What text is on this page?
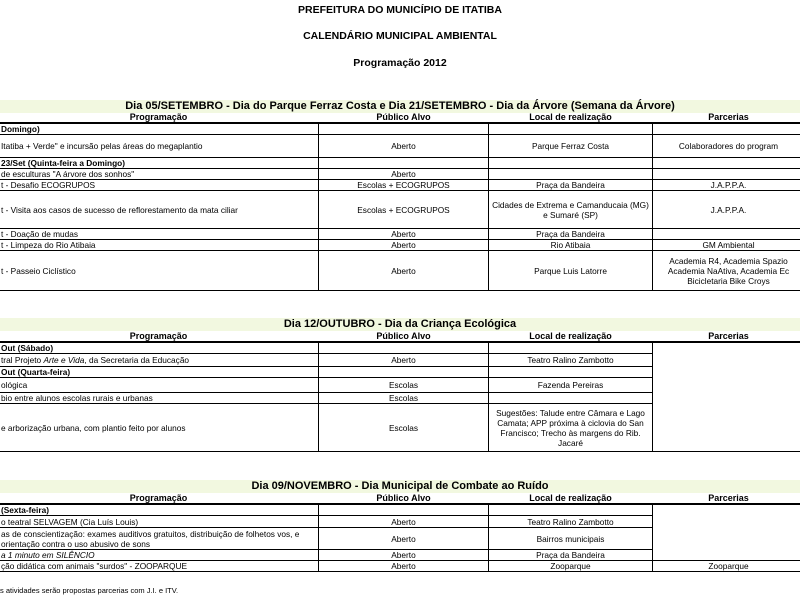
PREFEITURA DO MUNICÍPIO DE ITATIBA
CALENDÁRIO MUNICIPAL AMBIENTAL
Programação 2012
Dia 05/SETEMBRO - Dia do Parque Ferraz Costa e Dia 21/SETEMBRO - Dia da Árvore (Semana da Árvore)
Programação	Público Alvo	Local de realização	Parcerias
Domingo)			
Itatiba + Verde" e incursão pelas áreas do megaplantio	Aberto	Parque Ferraz Costa	Colaboradores do program
23/Set (Quinta-feira a Domingo)			
de esculturas "A árvore dos sonhos"	Aberto		
t - Desafio ECOGRUPOS	Escolas + ECOGRUPOS	Praça da Bandeira	J.A.P.P.A.
t - Visita aos casos de sucesso de reflorestamento da mata ciliar	Escolas + ECOGRUPOS	Cidades de Extrema e Camanducaia (MG) e Sumaré (SP)	J.A.P.P.A.
t - Doação de mudas	Aberto	Praça da Bandeira	
t - Limpeza do Rio Atibaia	Aberto	Rio Atibaia	GM Ambiental
t - Passeio Ciclístico	Aberto	Parque Luis Latorre	Academia R4, Academia Spazio Academia NaAtiva, Academia Ec Bicicletaria Bike Croys
Dia 12/OUTUBRO - Dia da Criança Ecológica
Programação	Público Alvo	Local de realização	Parcerias
Out (Sábado)			
tral Projeto Arte e Vida, da Secretaria da Educação	Aberto	Teatro Ralino Zambotto	
Out (Quarta-feira)			
ológica	Escolas	Fazenda Pereiras	
bio entre alunos escolas rurais e urbanas	Escolas		
e arborização urbana, com plantio feito por alunos	Escolas	Sugestões: Talude entre Câmara e Lago Camata; APP próxima à ciclovia do San Francisco; Trecho às margens do Rib. Jacaré	
Dia 09/NOVEMBRO - Dia Municipal de Combate ao Ruído
Programação	Público Alvo	Local de realização	Parcerias
(Sexta-feira)			
o teatral SELVAGEM (Cia Luís Louis)	Aberto	Teatro Ralino Zambotto	
as de conscientização: exames auditivos gratuitos, distribuição de folhetos vos, e orientação contra o uso abusivo de sons	Aberto	Bairros municipais	
a 1 minuto em SILÊNCIO	Aberto	Praça da Bandeira	
ção didática com animais "surdos" - ZOOPARQUE	Aberto	Zooparque	Zooparque
s atividades serão propostas parcerias com J.I. e ITV.
